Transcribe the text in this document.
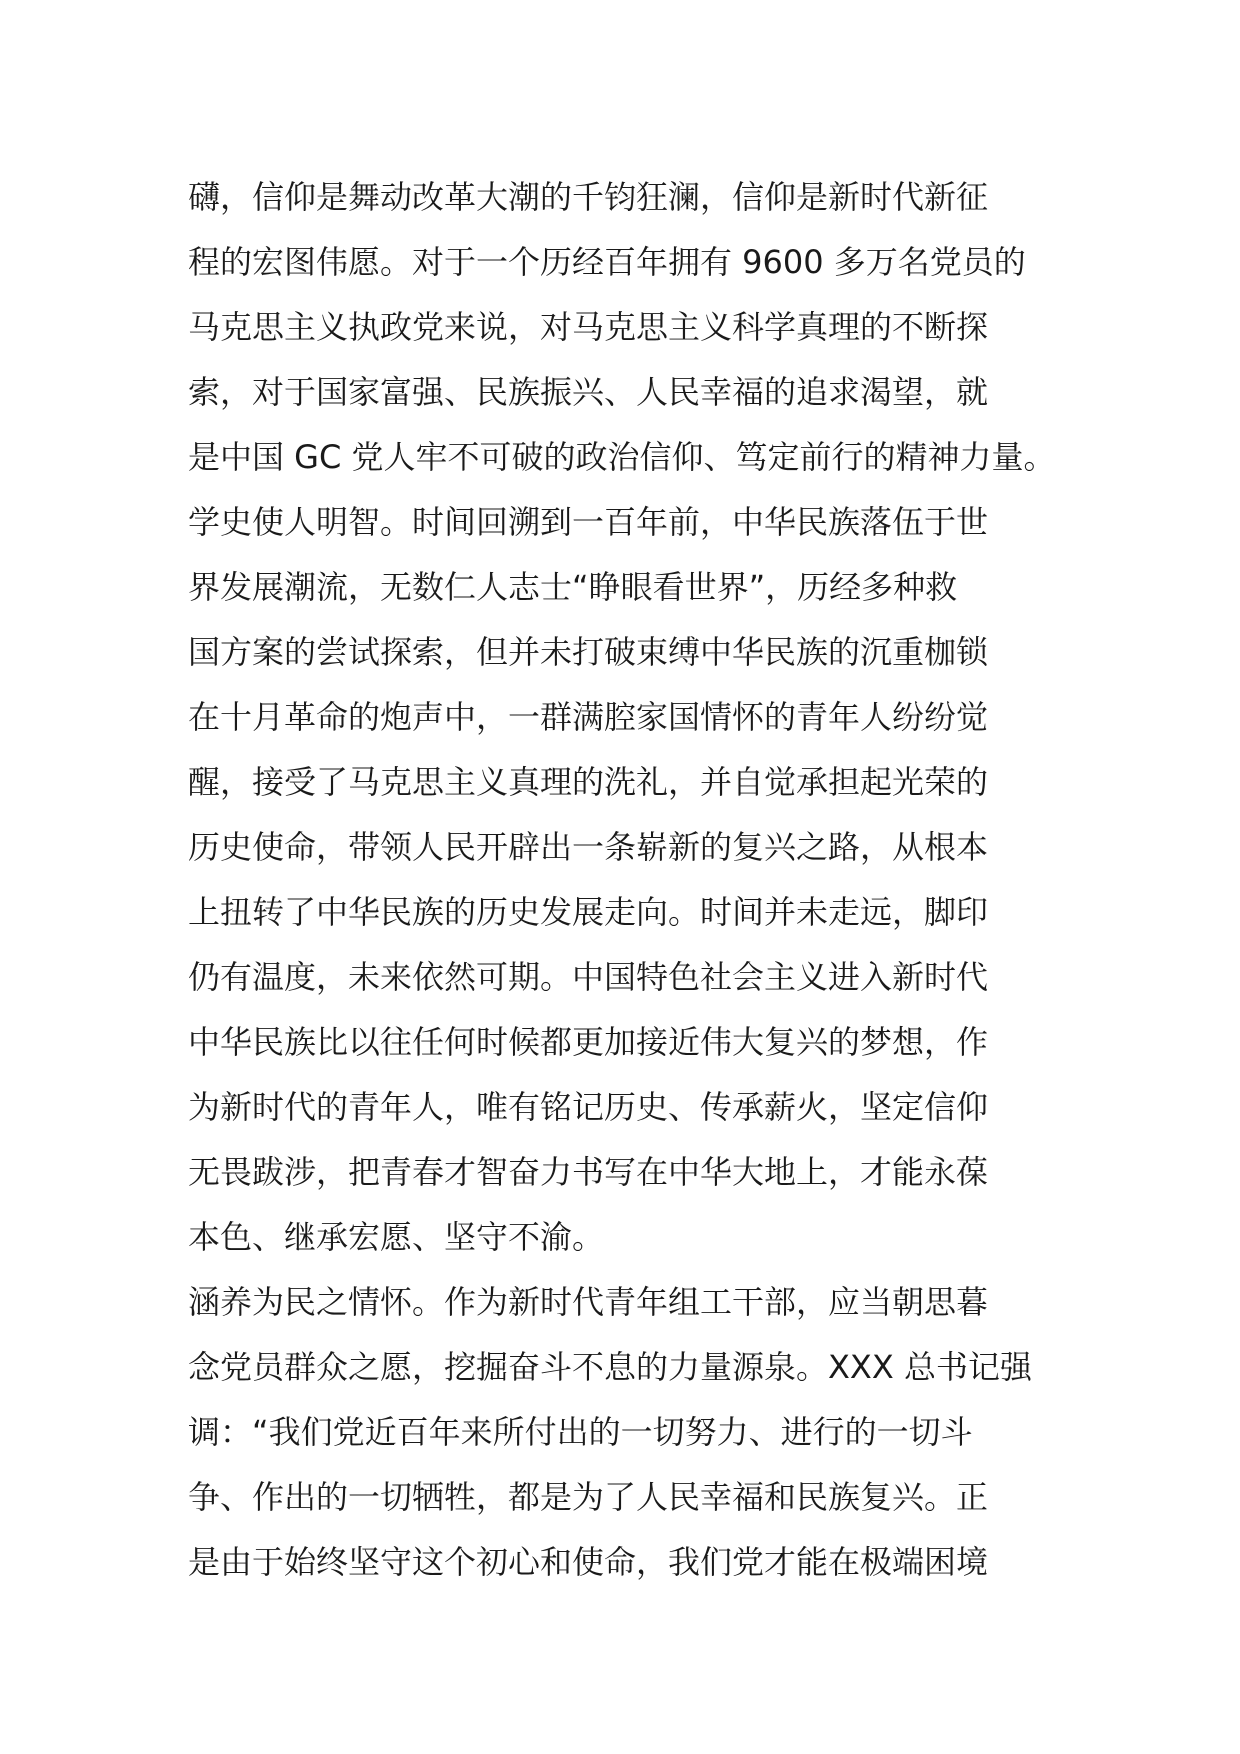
礴，信仰是舞动改革大潮的千钧狂澜，信仰是新时代新征
程的宏图伟愿。对于一个历经百年拥有 9600 多万名党员的
马克思主义执政党来说，对马克思主义科学真理的不断探
索，对于国家富强、民族振兴、人民幸福的追求渴望，就
是中国 GC 党人牢不可破的政治信仰、笃定前行的精神力量。
学史使人明智。时间回溯到一百年前，中华民族落伍于世
界发展潮流，无数仁人志士“睁眼看世界”，历经多种救
国方案的尝试探索，但并未打破束缚中华民族的沉重枷锁
在十月革命的炮声中，一群满腔家国情怀的青年人纷纷觉
醒，接受了马克思主义真理的洗礼，并自觉承担起光荣的
历史使命，带领人民开辟出一条崭新的复兴之路，从根本
上扭转了中华民族的历史发展走向。时间并未走远，脚印
仍有温度，未来依然可期。中国特色社会主义进入新时代
中华民族比以往任何时候都更加接近伟大复兴的梦想，作
为新时代的青年人，唯有铭记历史、传承薪火，坚定信仰
无畏跋涉，把青春才智奋力书写在中华大地上，才能永葆
本色、继承宏愿、坚守不渝。
涵养为民之情怀。作为新时代青年组工干部，应当朝思暮
念党员群众之愿，挖掘奋斗不息的力量源泉。XXX 总书记强
调：“我们党近百年来所付出的一切努力、进行的一切斗
争、作出的一切牺牲，都是为了人民幸福和民族复兴。正
是由于始终坚守这个初心和使命，我们党才能在极端困境
